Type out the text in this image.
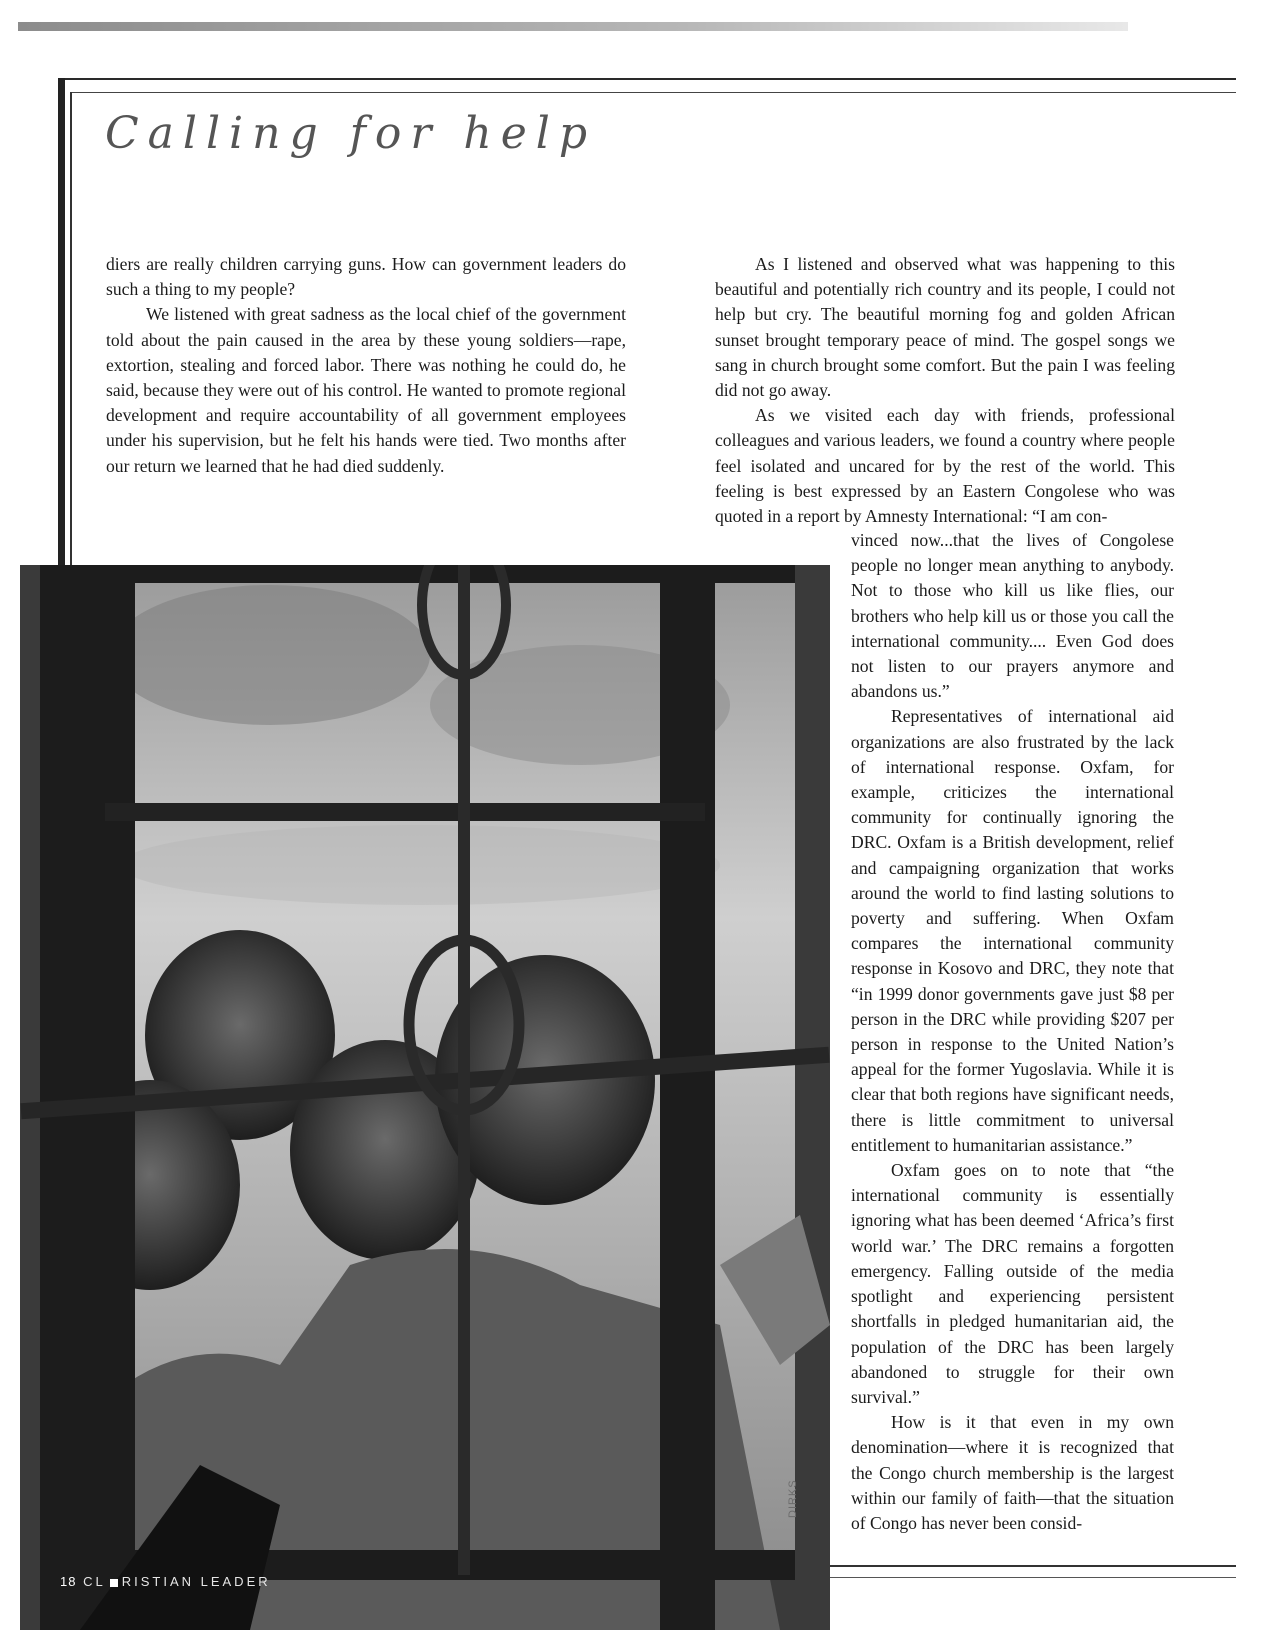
Calling for help

diers are really children carrying guns. How can government leaders do such a thing to my people?

We listened with great sadness as the local chief of the government told about the pain caused in the area by these young soldiers—rape, extortion, stealing and forced labor. There was nothing he could do, he said, because they were out of his control. He wanted to promote regional development and require accountability of all government employees under his supervision, but he felt his hands were tied. Two months after our return we learned that he had died suddenly.

As I listened and observed what was happening to this beautiful and potentially rich country and its people, I could not help but cry. The beautiful morning fog and golden African sunset brought temporary peace of mind. The gospel songs we sang in church brought some comfort. But the pain I was feeling did not go away.

As we visited each day with friends, professional colleagues and various leaders, we found a country where people feel isolated and uncared for by the rest of the world. This feeling is best expressed by an Eastern Congolese who was quoted in a report by Amnesty International: “I am con-

vinced now...that the lives of Congolese people no longer mean anything to anybody. Not to those who kill us like flies, our brothers who help kill us or those you call the international community.... Even God does not listen to our prayers anymore and abandons us.”

Representatives of international aid organizations are also frustrated by the lack of international response. Oxfam, for example, criticizes the international community for continually ignoring the DRC. Oxfam is a British development, relief and campaigning organization that works around the world to find lasting solutions to poverty and suffering. When Oxfam compares the international community response in Kosovo and DRC, they note that “in 1999 donor governments gave just $8 per person in the DRC while providing $207 per person in response to the United Nation’s appeal for the former Yugoslavia. While it is clear that both regions have significant needs, there is little commitment to universal entitlement to humanitarian assistance.”

Oxfam goes on to note that “the international community is essentially ignoring what has been deemed ‘Africa’s first world war.’ The DRC remains a forgotten emergency. Falling outside of the media spotlight and experiencing persistent shortfalls in pledged humanitarian aid, the population of the DRC has been largely abandoned to struggle for their own survival.”

How is it that even in my own denomination—where it is recognized that the Congo church membership is the largest within our family of faith—that the situation of Congo has never been consid-

DIRKS
18 CL RISTIAN LEADER
